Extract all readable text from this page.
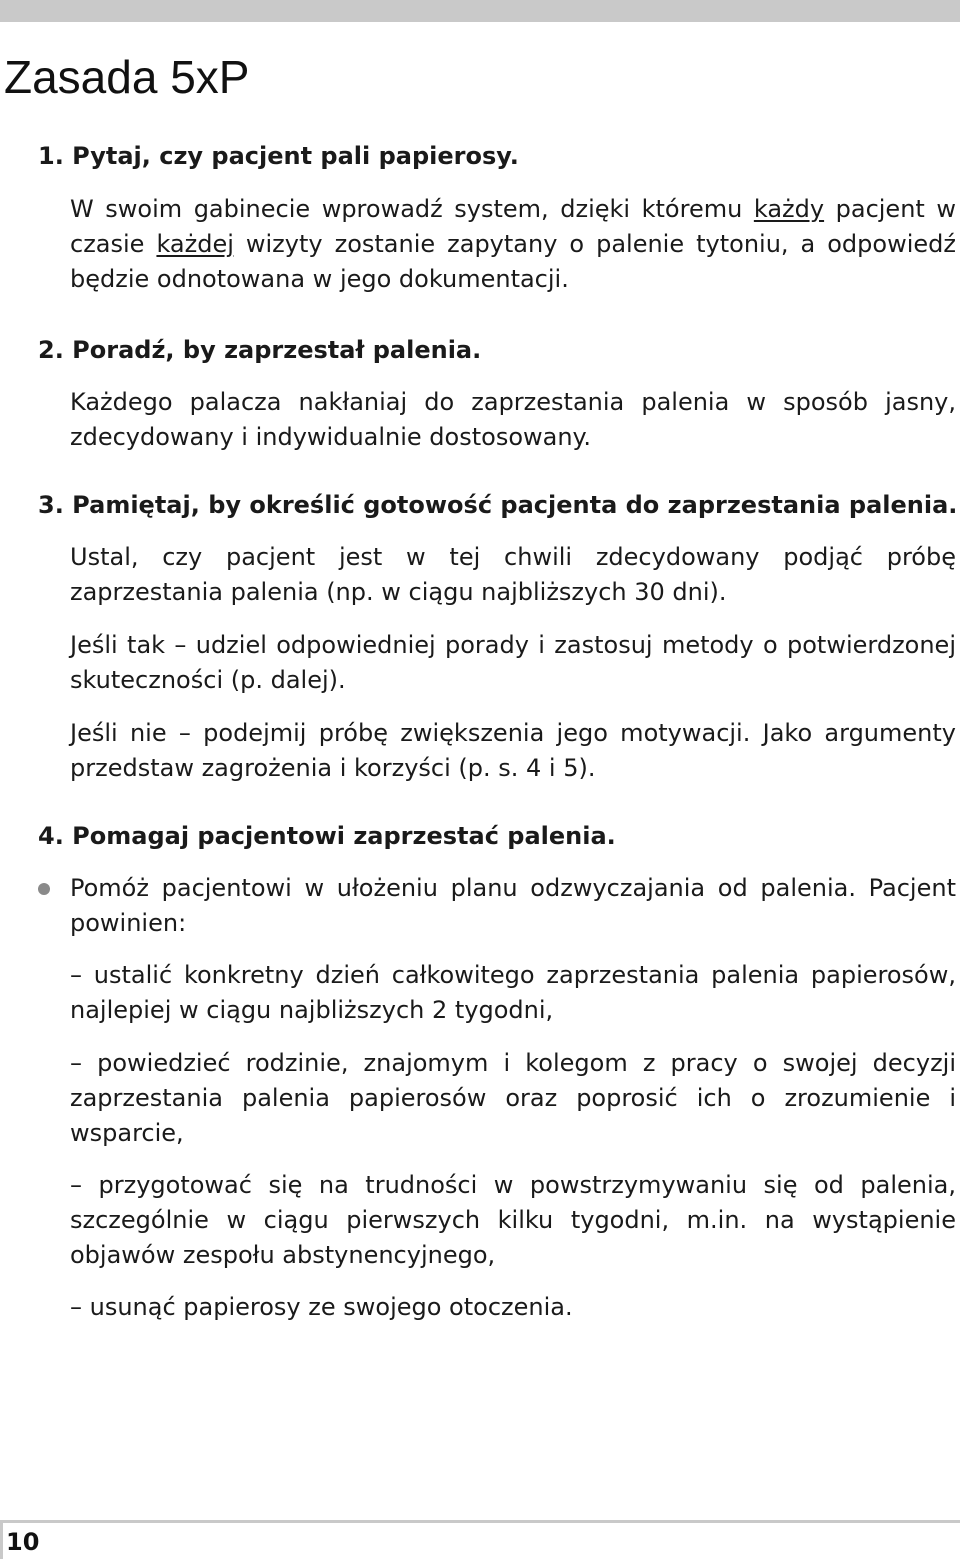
Zasada 5xP

1. Pytaj, czy pacjent pali papierosy.

W swoim gabinecie wprowadź system, dzięki któremu każdy pacjent w czasie każdej wizyty zostanie zapytany o palenie tytoniu, a odpowiedź będzie odnotowana w jego dokumentacji.

2. Poradź, by zaprzestał palenia.

Każdego palacza nakłaniaj do zaprzestania palenia w sposób jasny, zdecydowany i indywidualnie dostosowany.

3. Pamiętaj, by określić gotowość pacjenta do zaprzestania palenia.

Ustal, czy pacjent jest w tej chwili zdecydowany podjąć próbę zaprzestania palenia (np. w ciągu najbliższych 30 dni).

Jeśli tak – udziel odpowiedniej porady i zastosuj metody o potwierdzonej skuteczności (p. dalej).

Jeśli nie – podejmij próbę zwiększenia jego motywacji. Jako argumenty przedstaw zagrożenia i korzyści (p. s. 4 i 5).

4. Pomagaj pacjentowi zaprzestać palenia.

Pomóż pacjentowi w ułożeniu planu odzwyczajania od palenia. Pacjent powinien:

– ustalić konkretny dzień całkowitego zaprzestania palenia papierosów, najlepiej w ciągu najbliższych 2 tygodni,

– powiedzieć rodzinie, znajomym i kolegom z pracy o swojej decyzji zaprzestania palenia papierosów oraz poprosić ich o zrozumienie i wsparcie,

– przygotować się na trudności w powstrzymywaniu się od palenia, szczególnie w ciągu pierwszych kilku tygodni, m.in. na wystąpienie objawów zespołu abstynencyjnego,

– usunąć papierosy ze swojego otoczenia.

10
